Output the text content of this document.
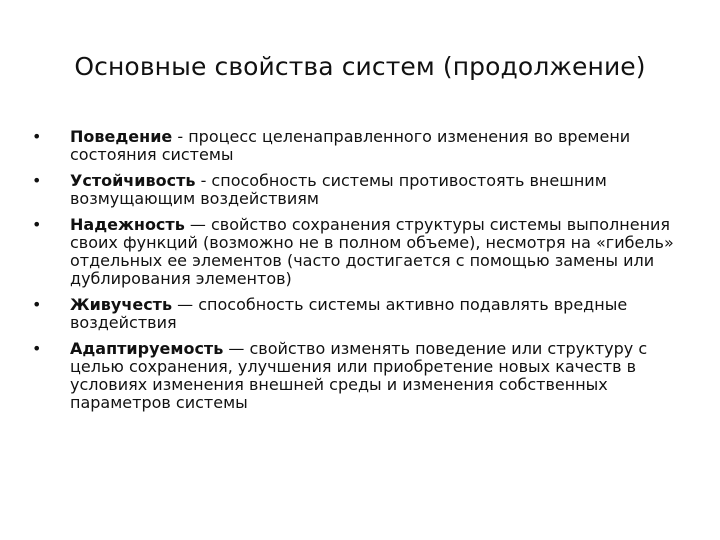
Основные свойства систем (продолжение)
• Поведение - процесс целенаправленного изменения во времени состояния системы
• Устойчивость - способность системы противостоять внешним возмущающим воздействиям
• Надежность — свойство сохранения структуры системы выполнения своих функций (возможно не в полном объеме), несмотря на «гибель» отдельных ее элементов (часто достигается с помощью замены или дублирования элементов)
• Живучесть — способность системы активно подавлять вредные воздействия
• Адаптируемость — свойство изменять поведение или структуру с целью сохранения, улучшения или приобретение новых качеств в условиях изменения внешней среды и изменения собственных параметров системы
